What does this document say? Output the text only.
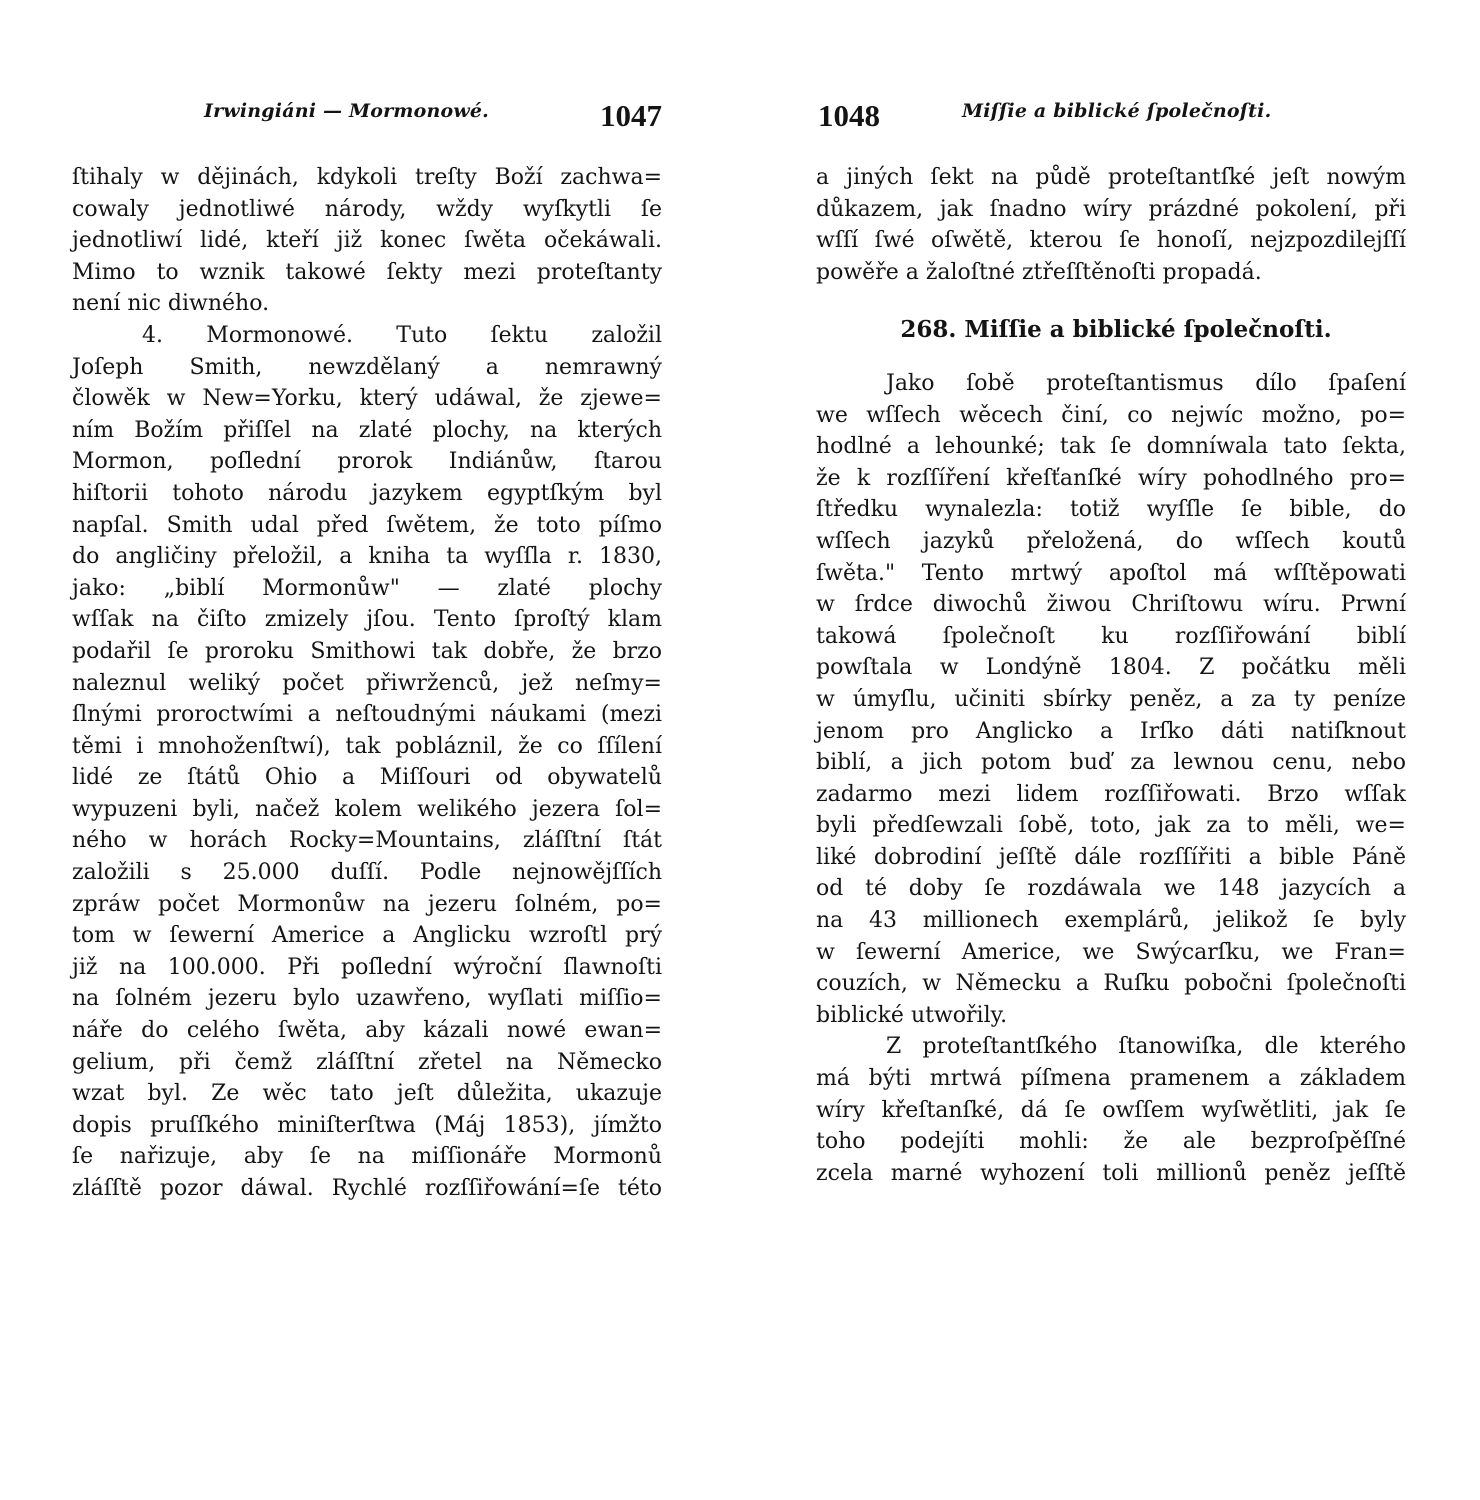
Irwingiáni — Mormonowé.	1047
ſtihaly w dějinách, kdykoli treſty Boží zachwa=
cowaly jednotliwé národy, wždy wyſkytli ſe
jednotliwí lidé, kteří již konec ſwěta očekáwali.
Mimo to wznik takowé ſekty mezi proteſtanty
není nic diwného.
4. Mormonowé. Tuto ſektu založil
Joſeph Smith, newzdělaný a nemrawný
člowěk w New=Yorku, který udáwal, že zjewe=
ním Božím přiſſel na zlaté plochy, na kterých
Mormon, poſlední prorok Indiánůw, ſtarou
hiſtorii tohoto národu jazykem egyptſkým byl
napſal. Smith udal před ſwětem, že toto píſmo
do angličiny přeložil, a kniha ta wyſſla r. 1830,
jako: „biblí Mormonůw" — zlaté plochy
wſſak na čiſto zmizely jſou. Tento ſproſtý klam
podařil ſe proroku Smithowi tak dobře, že brzo
naleznul weliký počet přiwrženců, jež neſmy=
ſlnými proroctwími a neſtoudnými náukami (mezi
těmi i mnohoženſtwí), tak pobláznil, že co ſſílení
lidé ze ſtátů Ohio a Miſſouri od obywatelů
wypuzeni byli, načež kolem welikého jezera ſol=
ného w horách Rocky=Mountains, zláſſtní ſtát
založili s 25.000 duſſí. Podle nejnowějſſích
zpráw počet Mormonůw na jezeru ſolném, po=
tom w ſewerní Americe a Anglicku wzroſtl prý
již na 100.000. Při poſlední wýroční ſlawnoſti
na ſolném jezeru bylo uzawřeno, wyſlati miſſio=
náře do celého ſwěta, aby kázali nowé ewan=
gelium, při čemž zláſſtní zřetel na Německo
wzat byl. Ze wěc tato jeſt důležita, ukazuje
dopis pruſſkého miniſterſtwa (Máj 1853), jímžto
ſe nařizuje, aby ſe na miſſionáře Mormonů
zláſſtě pozor dáwal. Rychlé rozſſiřowání=ſe této
1048	Miſſie a biblické ſpolečnoſti.
a jiných ſekt na půdě proteſtantſké jeſt nowým
důkazem, jak ſnadno wíry prázdné pokolení, při
wſſí ſwé oſwětě, kterou ſe honoſí, nejzpozdilejſſí
powěře a žaloſtné ztřeſſtěnoſti propadá.
268. Miſſie a biblické ſpolečnoſti.
Jako ſobě proteſtantismus dílo ſpaſení
we wſſech wěcech činí, co nejwíc možno, po=
hodlné a lehounké; tak ſe domníwala tato ſekta,
že k rozſſíření křeſťanſké wíry pohodlného pro=
ſtředku wynalezla: totiž wyſſle ſe bible, do
wſſech jazyků přeložená, do wſſech koutů
ſwěta." Tento mrtwý apoſtol má wſſtěpowati
w ſrdce diwochů žiwou Chriſtowu wíru. Prwní
takowá ſpolečnoſt ku rozſſiřowání biblí
powſtala w Londýně 1804. Z počátku měli
w úmyſlu, učiniti sbírky peněz, a za ty peníze
jenom pro Anglicko a Irſko dáti natiſknout
biblí, a jich potom buď za lewnou cenu, nebo
zadarmo mezi lidem rozſſiřowati. Brzo wſſak
byli předſewzali ſobě, toto, jak za to měli, we=
liké dobrodiní jeſſtě dále rozſſířiti a bible Páně
od té doby ſe rozdáwala we 148 jazycích a
na 43 millionech exemplárů, jelikož ſe byly
w ſewerní Americe, we Swýcarſku, we Fran=
couzích, w Německu a Ruſku pobočni ſpolečnoſti
biblické utwořily.
Z proteſtantſkého ſtanowiſka, dle kterého
má býti mrtwá píſmena pramenem a základem
wíry křeſtanſké, dá ſe owſſem wyſwětliti, jak ſe
toho podejíti mohli: že ale bezproſpěſſné
zcela marné wyhození toli millionů peněz jeſſtě
